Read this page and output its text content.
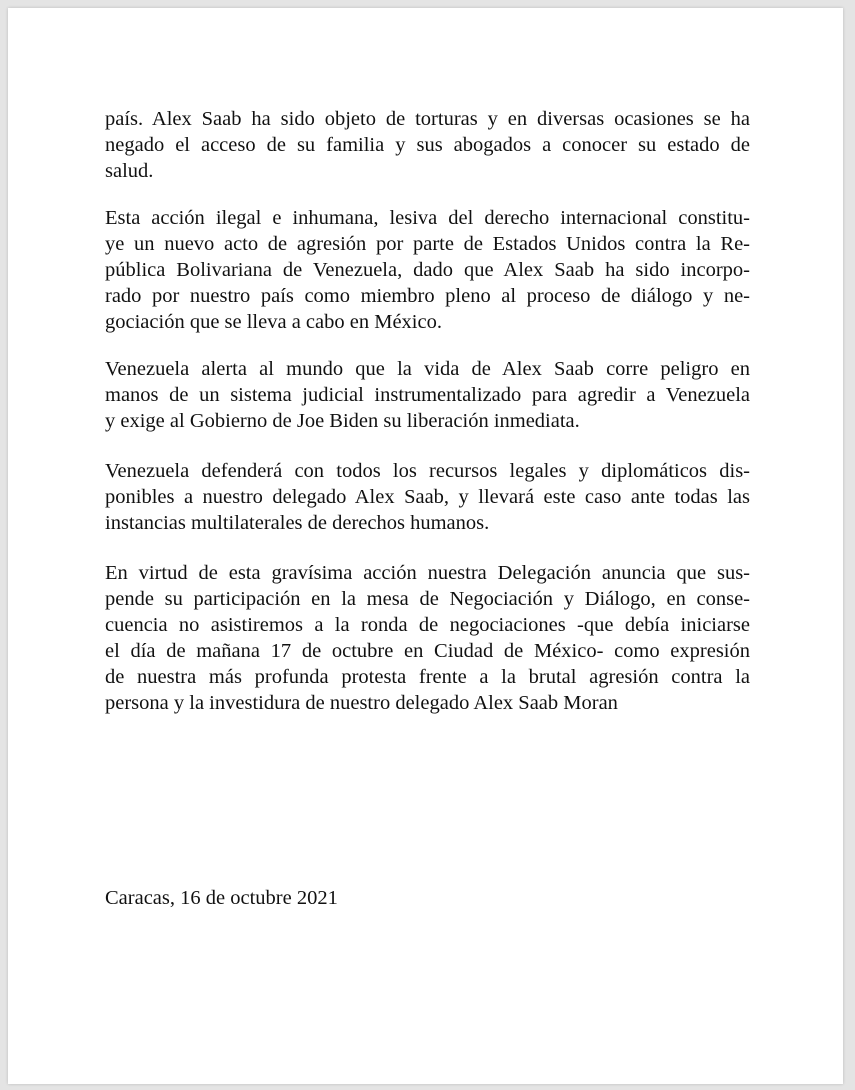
país. Alex Saab ha sido objeto de torturas y en diversas ocasiones se ha

negado el acceso de su familia y sus abogados a conocer su estado de

salud.

Esta acción ilegal e inhumana, lesiva del derecho internacional constitu-

ye un nuevo acto de agresión por parte de Estados Unidos contra la Re-

pública Bolivariana de Venezuela, dado que Alex Saab ha sido incorpo-

rado por nuestro país como miembro pleno al proceso de diálogo y ne-

gociación que se lleva a cabo en México.

Venezuela alerta al mundo que la vida de Alex Saab corre peligro en

manos de un sistema judicial instrumentalizado para agredir a Venezuela

y exige al Gobierno de Joe Biden su liberación inmediata.

Venezuela defenderá con todos los recursos legales y diplomáticos dis-

ponibles a nuestro delegado Alex Saab, y llevará este caso ante todas las

instancias multilaterales de derechos humanos.

En virtud de esta gravísima acción nuestra Delegación anuncia que sus-

pende su participación en la mesa de Negociación y Diálogo, en conse-

cuencia no asistiremos a la ronda de negociaciones -que debía iniciarse

el día de mañana 17 de octubre en Ciudad de México- como expresión

de nuestra más profunda protesta frente a la brutal agresión contra la

persona y la investidura de nuestro delegado Alex Saab Moran

Caracas, 16 de octubre 2021
